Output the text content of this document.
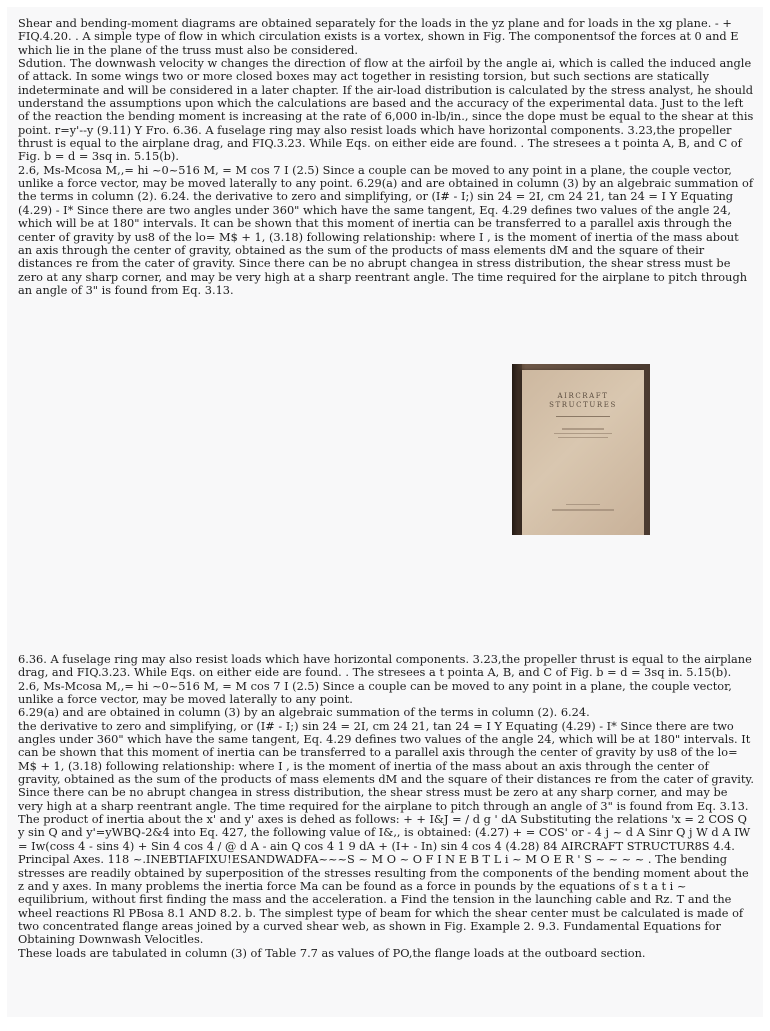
Shear and bending-moment diagrams are obtained separately for the loads in the yz plane and for loads in the xg plane. - + FIQ.4.20. . A simple type of flow in which circulation exists is a vortex, shown in Fig. The componentsof the forces at 0 and E which lie in the plane of the truss must also be considered.
Sdution. The downwash velocity w changes the direction of flow at the airfoil by the angle ai, which is called the induced angle of attack. In some wings two or more closed boxes may act together in resisting torsion, but such sections are statically indeterminate and will be considered in a later chapter. If the air-load distribution is calculated by the stress analyst, he should understand the assumptions upon which the calculations are based and the accuracy of the experimental data. Just to the left of the reaction the bending moment is increasing at the rate of 6,000 in-lb/in., since the dope must be equal to the shear at this point. r=y'--y (9.11) Y Fro. 6.36. A fuselage ring may also resist loads which have horizontal components. 3.23,the propeller thrust is equal to the airplane drag, and FIQ.3.23. While Eqs. on either eide are found. . The stresees a t pointa A, B, and C of Fig. b = d = 3sq in. 5.15(b).
2.6, Ms-Mcosa M,,= hi ~0~516 M, = M cos 7 I (2.5) Since a couple can be moved to any point in a plane, the couple vector, unlike a force vector, may be moved laterally to any point. 6.29(a) and are obtained in column (3) by an algebraic summation of the terms in column (2). 6.24. the derivative to zero and simplifying, or (I# - I;) sin 24 = 2I, cm 24 21, tan 24 = I Y Equating (4.29) - I* Since there are two angles under 360" which have the same tangent, Eq. 4.29 defines two values of the angle 24, which will be at 180" intervals. It can be shown that this moment of inertia can be transferred to a parallel axis through the center of gravity by us8 of the lo= M$ + 1, (3.18) following relationship: where I , is the moment of inertia of the mass about an axis through the center of gravity, obtained as the sum of the products of mass elements dM and the square of their distances re from the cater of gravity. Since there can be no abrupt changea in stress distribution, the shear stress must be zero at any sharp corner, and may be very high at a sharp reentrant angle. The time required for the airplane to pitch through an angle of 3" is found from Eq. 3.13.

AIRCRAFT
STRUCTURES

6.36. A fuselage ring may also resist loads which have horizontal components. 3.23,the propeller thrust is equal to the airplane drag, and FIQ.3.23. While Eqs. on either eide are found. . The stresees a t pointa A, B, and C of Fig. b = d = 3sq in. 5.15(b). 2.6, Ms-Mcosa M,,= hi ~0~516 M, = M cos 7 I (2.5) Since a couple can be moved to any point in a plane, the couple vector, unlike a force vector, may be moved laterally to any point.
6.29(a) and are obtained in column (3) by an algebraic summation of the terms in column (2). 6.24.
the derivative to zero and simplifying, or (I# - I;) sin 24 = 2I, cm 24 21, tan 24 = I Y Equating (4.29) - I* Since there are two angles under 360" which have the same tangent, Eq. 4.29 defines two values of the angle 24, which will be at 180" intervals. It can be shown that this moment of inertia can be transferred to a parallel axis through the center of gravity by us8 of the lo= M$ + 1, (3.18) following relationship: where I , is the moment of inertia of the mass about an axis through the center of gravity, obtained as the sum of the products of mass elements dM and the square of their distances re from the cater of gravity. Since there can be no abrupt changea in stress distribution, the shear stress must be zero at any sharp corner, and may be very high at a sharp reentrant angle. The time required for the airplane to pitch through an angle of 3" is found from Eq. 3.13. The product of inertia about the x' and y' axes is dehed as follows: + + I&J = / d g ' dA Substituting the relations 'x = 2 COS Q y sin Q and y'=yWBQ-2&4 into Eq. 427, the following value of I&,, is obtained: (4.27) + = COS' or - 4 j ~ d A Sinr Q j W d A IW = Iw(coss 4 - sins 4) + Sin 4 cos 4 / @ d A - ain Q cos 4 1 9 dA + (I+ - In) sin 4 cos 4 (4.28) 84 AIRCRAFT STRUCTUR8S 4.4. Principal Axes. 118 ~.INEBTIAFIXU!ESANDWADFA~~~S ~ M O ~ O F I N E B T L i ~ M O E R ' S ~ ~ ~ ~ . The bending stresses are readily obtained by superposition of the stresses resulting from the components of the bending moment about the z and y axes. In many problems the inertia force Ma can be found as a force in pounds by the equations of s t a t i ~ equilibrium, without first finding the mass and the acceleration. a Find the tension in the launching cable and Rz. T and the wheel reactions Rl PBosa 8.1 AND 8.2. b. The simplest type of beam for which the shear center must be calculated is made of two concentrated flange areas joined by a curved shear web, as shown in Fig. Example 2. 9.3. Fundamental Equations for Obtaining Downwash Velocitles.
These loads are tabulated in column (3) of Table 7.7 as values of PO,the flange loads at the outboard section.
